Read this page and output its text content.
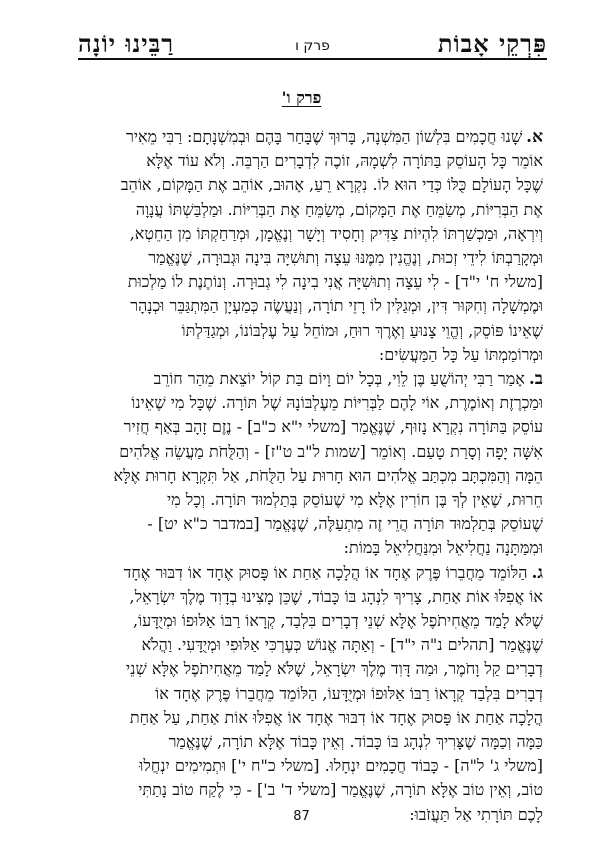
פִּרְקֵי אָבוֹת
פרק ו
רַבֵּינוּ יוֹנָה
פרק ו'
א.שָׁנוּ חֲכָמִים בִּלְשׁוֹן הַמִּשְׁנָה, בָּרוּךְ שֶׁבָּחַר בָּהֶם וּבְמִשְׁנָתָם: רַבִּי מֵאִיר
אוֹמֵר כָּל הָעוֹסֵק בַּתּוֹרָה לִשְׁמָהּ, זוֹכֶה לִדְבָרִים הַרְבֵּה. וְלֹא עוֹד אֶלָּא
שֶׁכָּל הָעוֹלָם כֻּלּוֹ כְּדַי הוּא לוֹ. נִקְרָא רֵעַ, אָהוּב, אוֹהֵב אֶת הַמָּקוֹם, אוֹהֵב
אֶת הַבְּרִיּוֹת, מְשַׂמֵּחַ אֶת הַמָּקוֹם, מְשַׂמֵּחַ אֶת הַבְּרִיּוֹת. וּמַלְבַּשְׁתּוֹ עֲנָוָה
וְיִרְאָה, וּמַכְשַׁרְתּוֹ לִהְיוֹת צַדִּיק וְחָסִיד וְיָשָׁר וְנֶאֱמָן, וּמְרַחַקְתּוֹ מִן הַחֵטְא,
וּמְקָרַבְתּוֹ לִידֵי זְכוּת, וְנֶהֱנִין מִמֶּנּוּ עֵצָה וְתוּשִׁיָּה בִּינָה וּגְבוּרָה, שֶׁנֶּאֱמַר
[משלי ח' י"ד] - לִי עֵצָה וְתוּשִׁיָּה אֲנִי בִינָה לִי גְבוּרָה. וְנוֹתֶנֶת לוֹ מַלְכוּת
וּמֶמְשָׁלָה וְחִקּוּר דִּין, וּמְגַלִּין לוֹ רָזֵי תוֹרָה, וְנַעֲשֶׂה כְּמַעְיָן הַמִּתְגַּבֵּר וּכְנָהָר
שֶׁאֵינוֹ פּוֹסֵק, וְהֱוֵי צָנוּעַ וְאֶרֶךְ רוּחַ, וּמוֹחֵל עַל עֶלְבּוֹנוֹ, וּמְגַדַּלְתּוֹ
וּמְרוֹמַמְתּוֹ עַל כָּל הַמַּעֲשִׂים:
ב.אָמַר רַבִּי יְהוֹשֻׁעַ בֶּן לֵוִי, בְּכָל יוֹם וָיוֹם בַּת קוֹל יוֹצֵאת מֵהַר חוֹרֵב
וּמַכְרֶזֶת וְאוֹמֶרֶת, אוֹי לָהֶם לַבְּרִיּוֹת מֵעֶלְבּוֹנָהּ שֶׁל תּוֹרָה. שֶׁכָּל מִי שֶׁאֵינוֹ
עוֹסֵק בַּתּוֹרָה נִקְרָא נָזוּף, שֶׁנֶּאֱמַר [משלי י"א כ"ב] - נֶזֶם זָהָב בְּאַף חֲזִיר
אִשָּׁה יָפָה וְסָרַת טָעַם. וְאוֹמֵר [שמות ל"ב ט"ז] - וְהַלֻּחֹת מַעֲשֵׂה אֱלֹהִים
הֵמָּה וְהַמִּכְתָּב מִכְתַּב אֱלֹהִים הוּא חָרוּת עַל הַלֻּחֹת, אַל תִּקְרָא חָרוּת אֶלָּא
חֵרוּת, שֶׁאֵין לְךָ בֶּן חוֹרִין אֶלָּא מִי שֶׁעוֹסֵק בְּתַלְמוּד תּוֹרָה. וְכָל מִי
שֶׁעוֹסֵק בְּתַלְמוּד תּוֹרָה הֲרֵי זֶה מִתְעַלֶּה, שֶׁנֶּאֱמַר [במדבר כ"א יט] -
וּמִמַּתָּנָה נַחֲלִיאֵל וּמִנַּחֲלִיאֵל בָּמוֹת:
ג.הַלּוֹמֵד מֵחֲבֵרוֹ פֶּרֶק אֶחָד אוֹ הֲלָכָה אַחַת אוֹ פָּסוּק אֶחָד אוֹ דִבּוּר אֶחָד
אוֹ אֲפִלּוּ אוֹת אַחַת, צָרִיךְ לִנְהָג בּוֹ כָּבוֹד, שֶׁכֵּן מָצִינוּ בְדָוִד מֶלֶךְ יִשְׂרָאֵל,
שֶׁלֹּא לָמַד מֵאֲחִיתֹפֶל אֶלָּא שְׁנֵי דְבָרִים בִּלְבַד, קְרָאוֹ רַבּוֹ אַלּוּפוֹ וּמְיֻדָּעוֹ,
שֶׁנֶּאֱמַר [תהלים נ"ה י"ד] - וְאַתָּה אֱנוֹשׁ כְּעֶרְכִּי אַלּוּפִי וּמְיֻדָּעִי. וַהֲלֹא
דְבָרִים קַל וָחֹמֶר, וּמַה דָּוִד מֶלֶךְ יִשְׂרָאֵל, שֶׁלֹּא לָמַד מֵאֲחִיתֹפֶל אֶלָּא שְׁנֵי
דְבָרִים בִּלְבַד קְרָאוֹ רַבּוֹ אַלּוּפוֹ וּמְיֻדָּעוֹ, הַלּוֹמֵד מֵחֲבֵרוֹ פֶּרֶק אֶחָד אוֹ
הֲלָכָה אַחַת אוֹ פָּסוּק אֶחָד אוֹ דִבּוּר אֶחָד אוֹ אֲפִלּוּ אוֹת אַחַת, עַל אַחַת
כַּמָּה וְכַמָּה שֶׁצָּרִיךְ לִנְהָג בּוֹ כָּבוֹד. וְאֵין כָּבוֹד אֶלָּא תוֹרָה, שֶׁנֶּאֱמַר
[משלי ג' ל"ה] - כָּבוֹד חֲכָמִים יִנְחָלוּ. [משלי כ"ח י'] וּתְמִימִים יִנְחֲלוּ
טוֹב, וְאֵין טוֹב אֶלָּא תוֹרָה, שֶׁנֶּאֱמַר [משלי ד' ב'] - כִּי לֶקַח טוֹב נָתַתִּי
לָכֶם תּוֹרָתִי אַל תַּעֲזֹבוּ:
87
